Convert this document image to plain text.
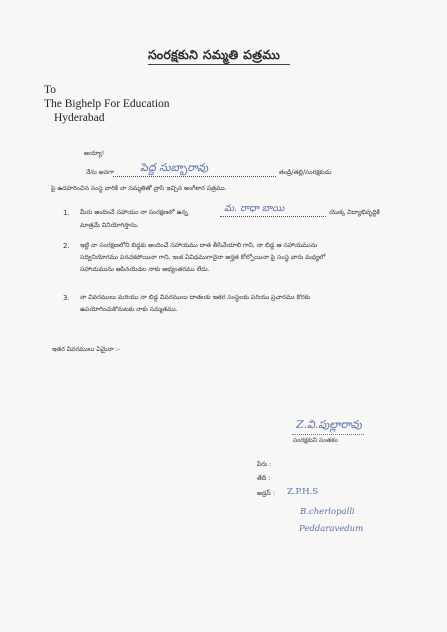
సంరక్షకుని సమ్మతి పత్రము
To
The Bighelp For Education
Hyderabad
అయ్యా!
నేను అనగా పెద్ద సుబ్బారావు	తండ్రి/తల్లి/సంరక్షకుడు
పై ఉదహరించిన సంస్థ వారికి నా సమ్మతితో వ్రాసి ఇచ్చిన అంగీకార పత్రము.
1. మీరు అందించే సహాయం నా సంరక్షణలో ఉన్న	మ. రాధా బాయి	యొక్క విద్యాభివృద్ధికి
మాత్రమే వినియోగిస్తాను.
2. ఇట్టి నా సంరక్షణలోని బిడ్డకు అందించే సహాయము దాత తీసివేయాలి గాని, నా బిడ్డ ఆ సహాయమును
సద్వినియోగము పరచకపోయినా గాని, ఇంక ఏవిధముగానైనా అర్హత కోల్పోయినా పై సంస్థ వారు మధ్యలో
సహాయమును ఆపినయెడల నాకు అభ్యంతరము లేదు.
3. నా వివరములు మరియు నా బిడ్డ వివరములు దాతలకు ఇతర సంస్థలకు పరియు ప్రచారము కొరకు
ఉపయోగించుకొనుటకు నాకు సమ్మతము.
ఇతర వివరములు ఏమైనా :-
Z.వి.పుల్లారావు
సంరక్షకుని సంతకం
పేరు :
తేదీ :
అడ్రస్ : Z.P.H.S
B.cherlopalli
Peddaravedum
